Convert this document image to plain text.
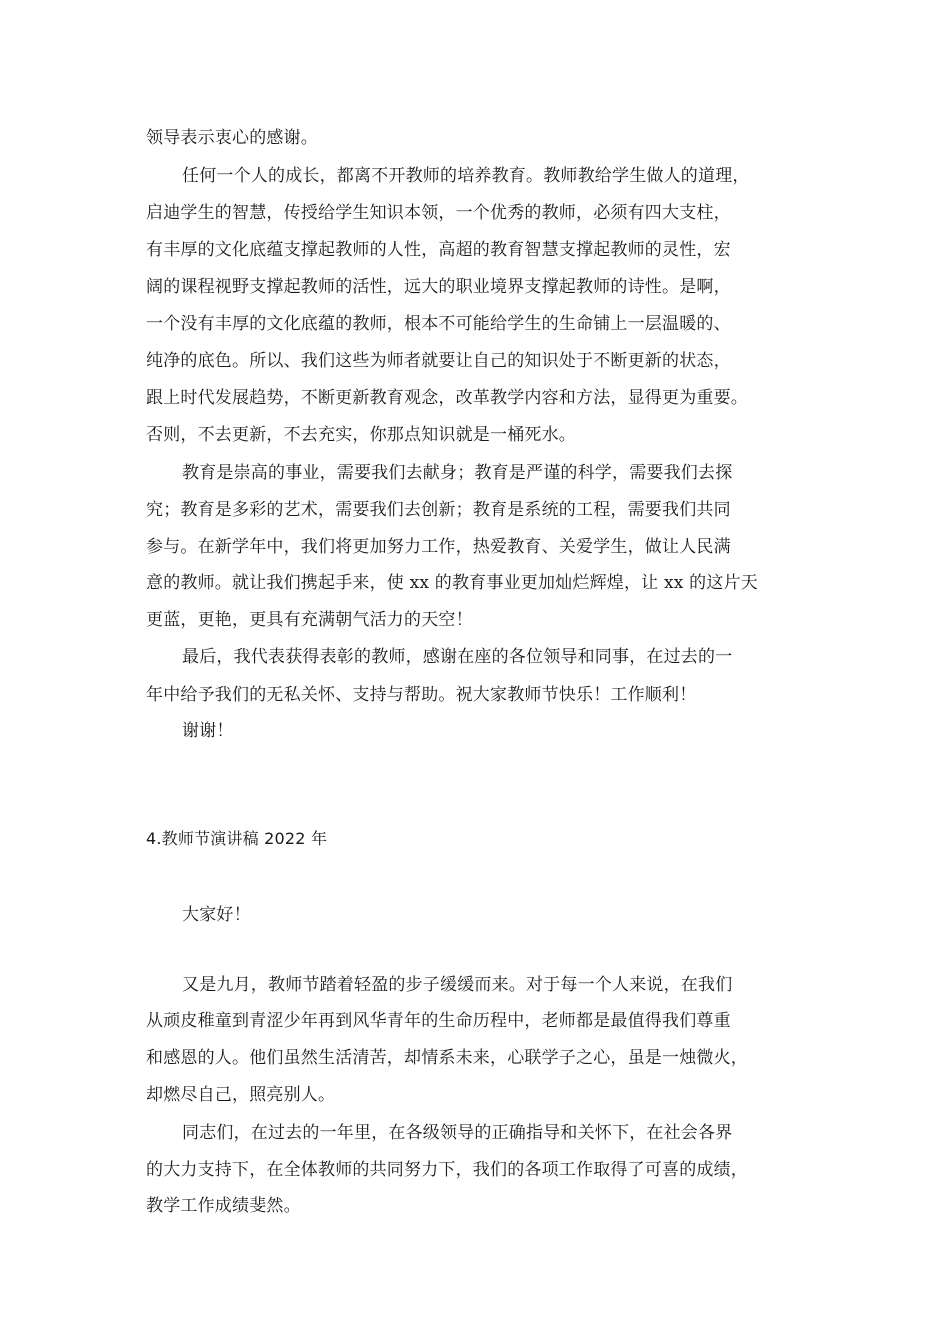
领导表示衷心的感谢。
任何一个人的成长，都离不开教师的培养教育。教师教给学生做人的道理，
启迪学生的智慧，传授给学生知识本领，一个优秀的教师，必须有四大支柱，
有丰厚的文化底蕴支撑起教师的人性，高超的教育智慧支撑起教师的灵性，宏
阔的课程视野支撑起教师的活性，远大的职业境界支撑起教师的诗性。是啊，
一个没有丰厚的文化底蕴的教师，根本不可能给学生的生命铺上一层温暖的、
纯净的底色。所以、我们这些为师者就要让自己的知识处于不断更新的状态，
跟上时代发展趋势，不断更新教育观念，改革教学内容和方法，显得更为重要。
否则，不去更新，不去充实，你那点知识就是一桶死水。
教育是崇高的事业，需要我们去献身；教育是严谨的科学，需要我们去探
究；教育是多彩的艺术，需要我们去创新；教育是系统的工程，需要我们共同
参与。在新学年中，我们将更加努力工作，热爱教育、关爱学生，做让人民满
意的教师。就让我们携起手来，使 xx 的教育事业更加灿烂辉煌，让 xx 的这片天
更蓝，更艳，更具有充满朝气活力的天空！
最后，我代表获得表彰的教师，感谢在座的各位领导和同事，在过去的一
年中给予我们的无私关怀、支持与帮助。祝大家教师节快乐！工作顺利！
谢谢！
4.教师节演讲稿 2022 年
大家好！
又是九月，教师节踏着轻盈的步子缓缓而来。对于每一个人来说，在我们
从顽皮稚童到青涩少年再到风华青年的生命历程中，老师都是最值得我们尊重
和感恩的人。他们虽然生活清苦，却情系未来，心联学子之心，虽是一烛微火，
却燃尽自己，照亮别人。
同志们，在过去的一年里，在各级领导的正确指导和关怀下，在社会各界
的大力支持下，在全体教师的共同努力下，我们的各项工作取得了可喜的成绩，
教学工作成绩斐然。
